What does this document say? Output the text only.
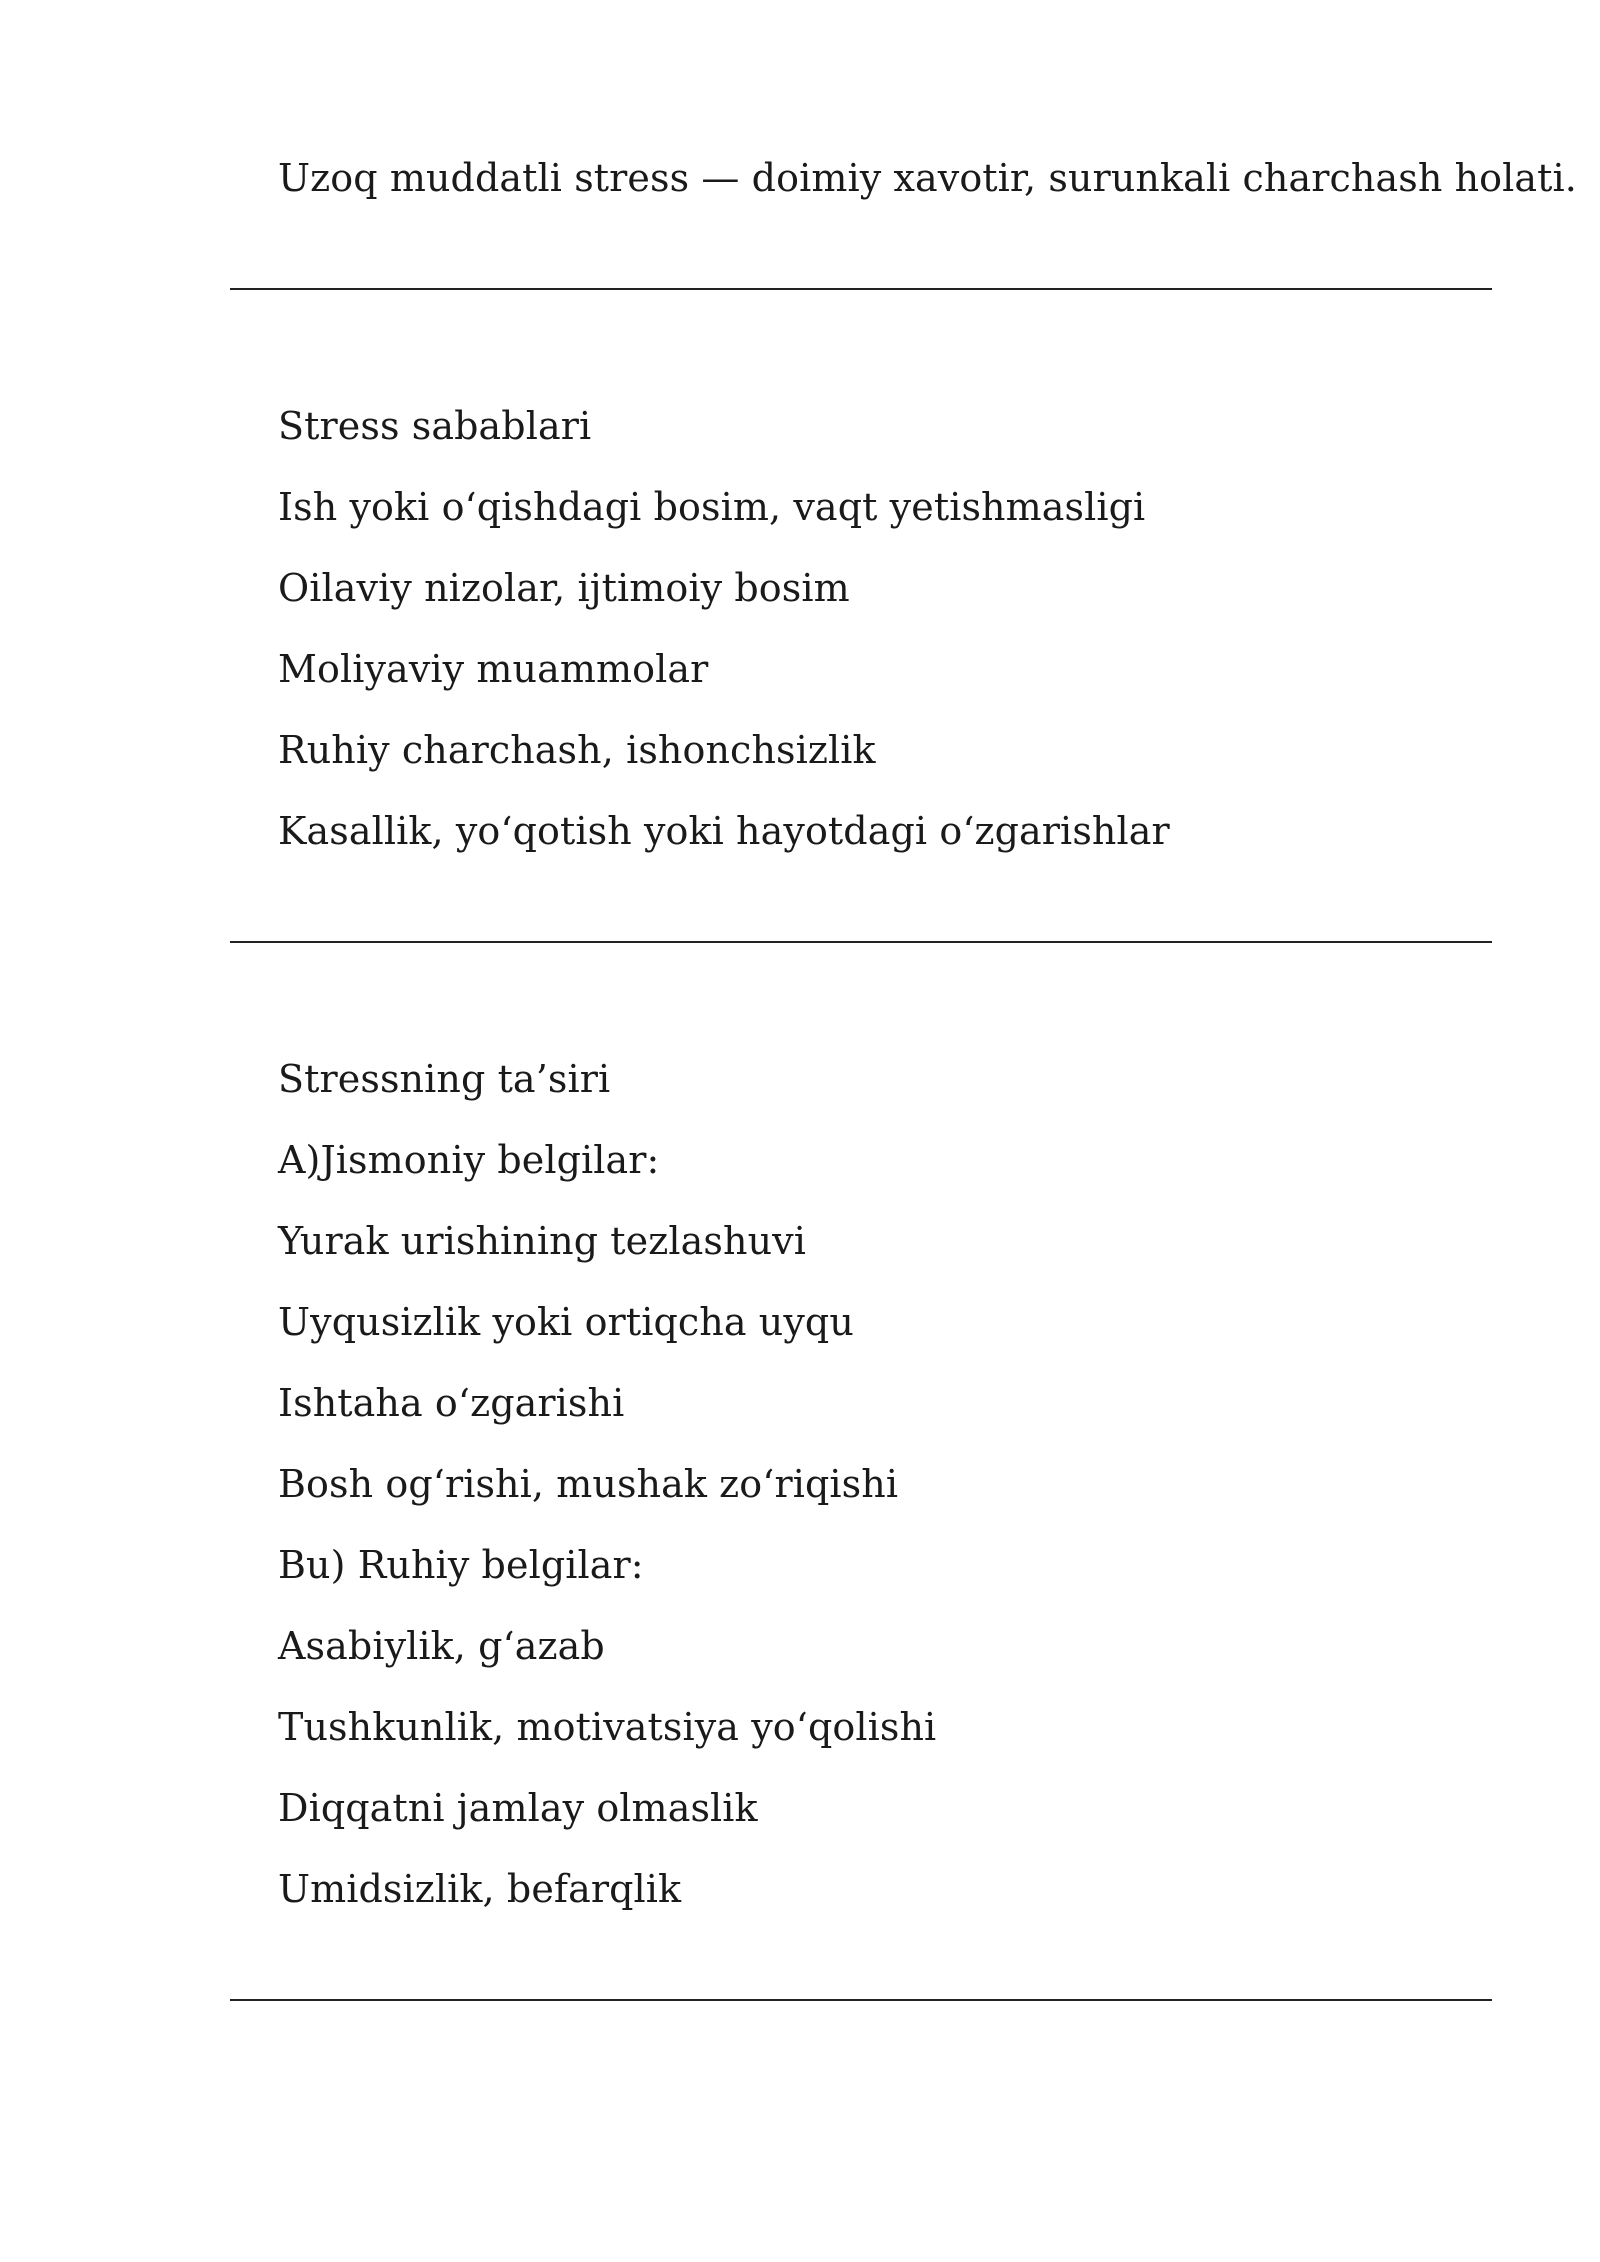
Uzoq muddatli stress — doimiy xavotir, surunkali charchash holati.
Stress sabablari
Ish yoki o‘qishdagi bosim, vaqt yetishmasligi
Oilaviy nizolar, ijtimoiy bosim
Moliyaviy muammolar
Ruhiy charchash, ishonchsizlik
Kasallik, yo‘qotish yoki hayotdagi o‘zgarishlar
Stressning ta’siri
A)Jismoniy belgilar:
Yurak urishining tezlashuvi
Uyqusizlik yoki ortiqcha uyqu
Ishtaha o‘zgarishi
Bosh og‘rishi, mushak zo‘riqishi
Bu) Ruhiy belgilar:
Asabiylik, g‘azab
Tushkunlik, motivatsiya yo‘qolishi
Diqqatni jamlay olmaslik
Umidsizlik, befarqlik
